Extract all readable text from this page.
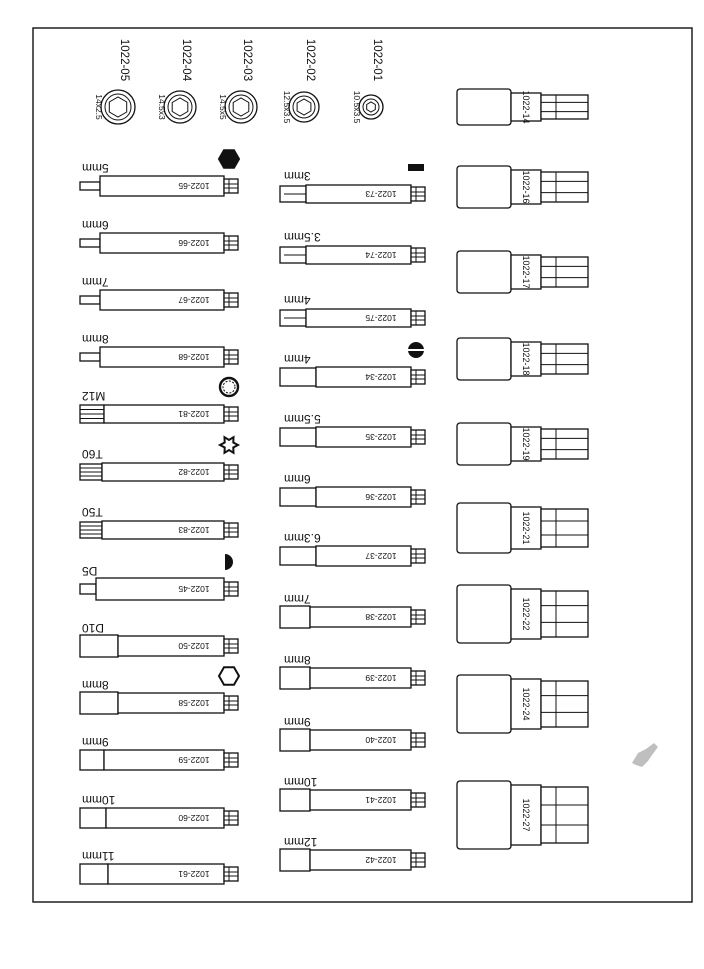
1022-05
14x2.5
1022-04
14.5x3
1022-03
14.5x5
1022-02
12.5x3.5
1022-01
10.5x3.5
1022-65
5mm
1022-66
6mm
1022-67
7mm
1022-68
8mm
1022-81
M12
1022-82
T60
1022-83
T50
1022-45
D5
1022-50
D10
1022-58
8mm
1022-59
9mm
1022-60
10mm
1022-61
11mm
1022-73
3mm
1022-74
3.5mm
1022-75
4mm
1022-34
4mm
1022-35
5.5mm
1022-36
6mm
1022-37
6.3mm
1022-38
7mm
1022-39
8mm
1022-40
9mm
1022-41
10mm
1022-42
12mm
1022-14
1022-16
1022-17
1022-18
1022-19
1022-21
1022-22
1022-24
1022-27
